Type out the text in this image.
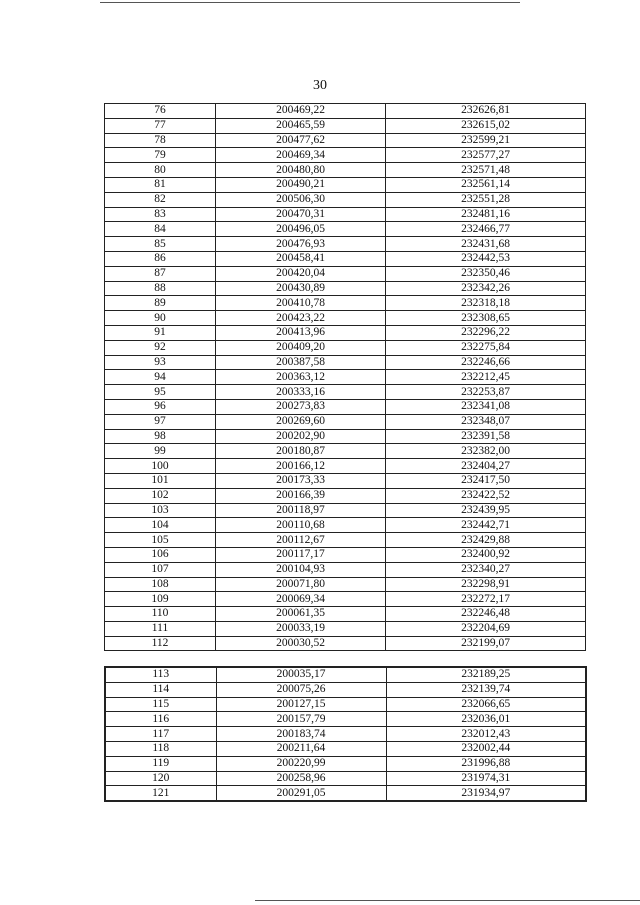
30
76	200469,22	232626,81
77	200465,59	232615,02
78	200477,62	232599,21
79	200469,34	232577,27
80	200480,80	232571,48
81	200490,21	232561,14
82	200506,30	232551,28
83	200470,31	232481,16
84	200496,05	232466,77
85	200476,93	232431,68
86	200458,41	232442,53
87	200420,04	232350,46
88	200430,89	232342,26
89	200410,78	232318,18
90	200423,22	232308,65
91	200413,96	232296,22
92	200409,20	232275,84
93	200387,58	232246,66
94	200363,12	232212,45
95	200333,16	232253,87
96	200273,83	232341,08
97	200269,60	232348,07
98	200202,90	232391,58
99	200180,87	232382,00
100	200166,12	232404,27
101	200173,33	232417,50
102	200166,39	232422,52
103	200118,97	232439,95
104	200110,68	232442,71
105	200112,67	232429,88
106	200117,17	232400,92
107	200104,93	232340,27
108	200071,80	232298,91
109	200069,34	232272,17
110	200061,35	232246,48
111	200033,19	232204,69
112	200030,52	232199,07
113	200035,17	232189,25
114	200075,26	232139,74
115	200127,15	232066,65
116	200157,79	232036,01
117	200183,74	232012,43
118	200211,64	232002,44
119	200220,99	231996,88
120	200258,96	231974,31
121	200291,05	231934,97
